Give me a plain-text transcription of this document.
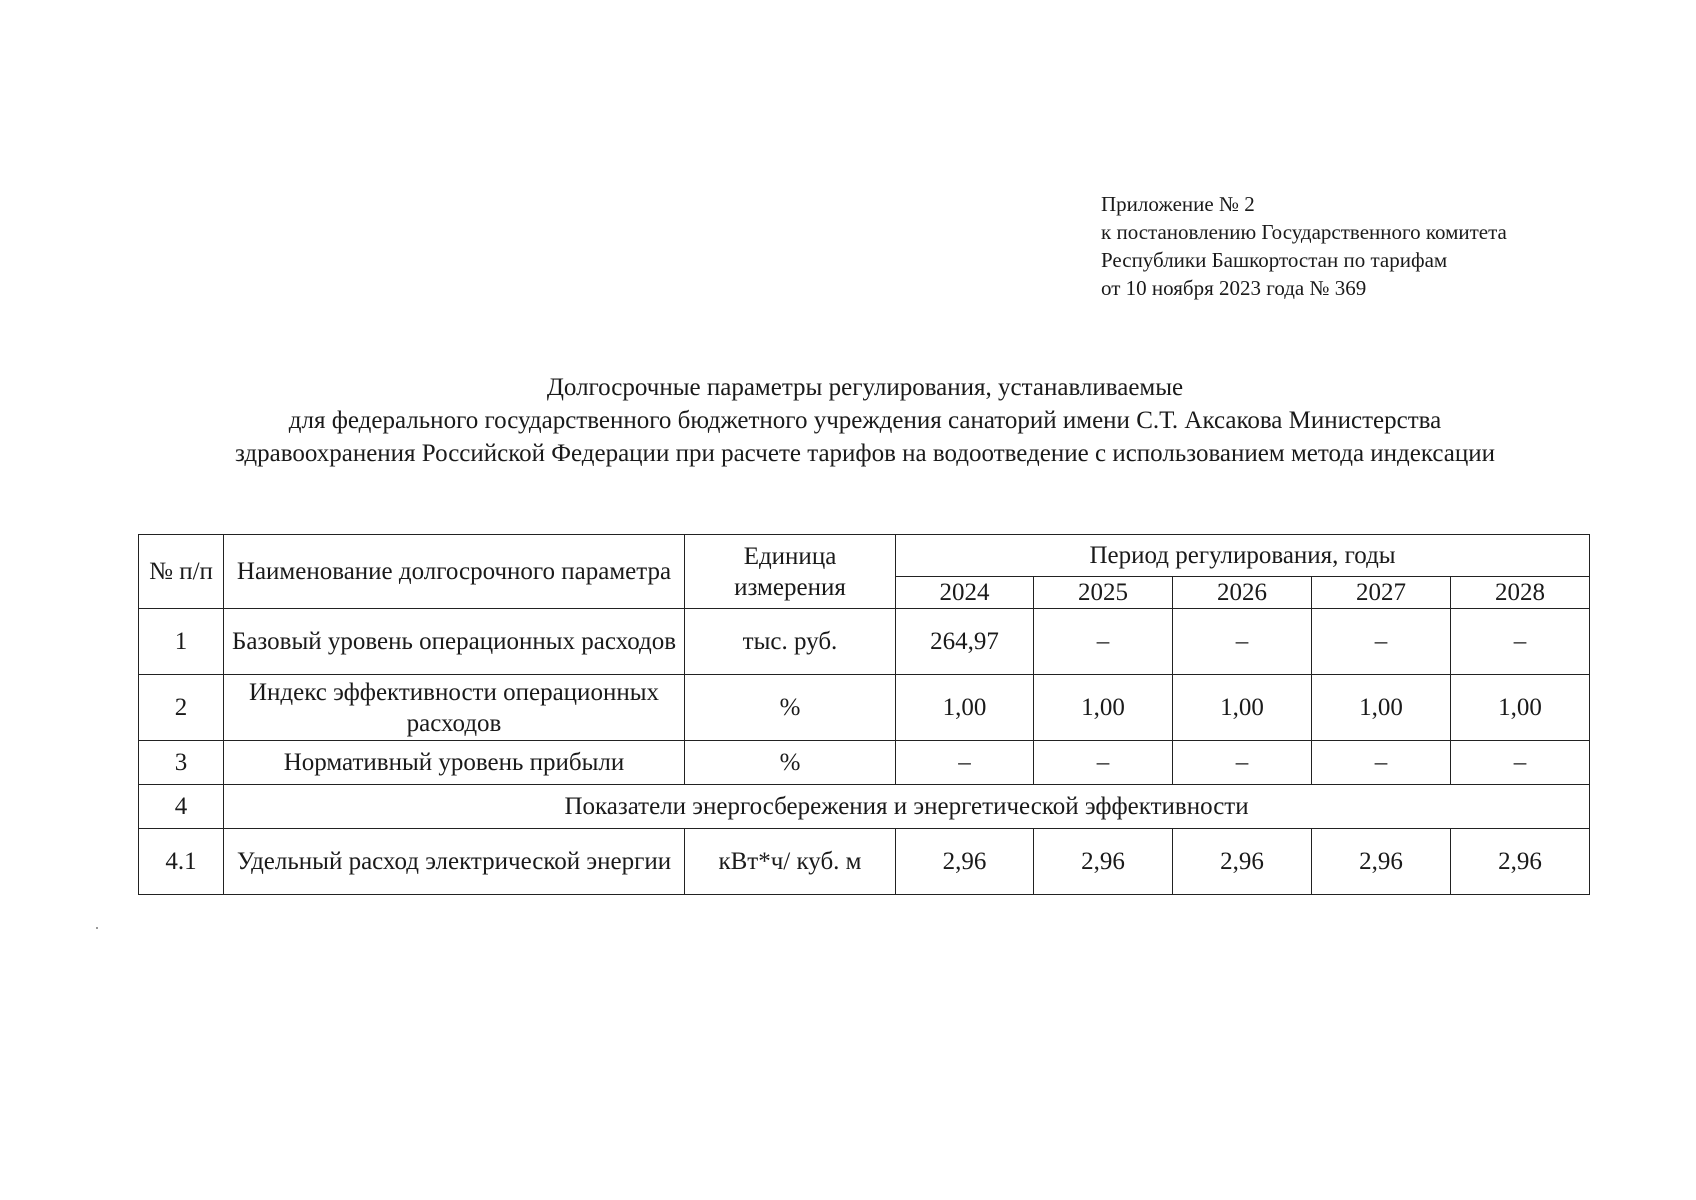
Приложение № 2
к постановлению Государственного комитета
Республики Башкортостан по тарифам
от 10 ноября 2023 года № 369
Долгосрочные параметры регулирования, устанавливаемые
для федерального государственного бюджетного учреждения санаторий имени С.Т. Аксакова Министерства
здравоохранения Российской Федерации при расчете тарифов на водоотведение с использованием метода индексации
№ п/п	Наименование долгосрочного параметра	Единица измерения	Период регулирования, годы				
			2024	2025	2026	2027	2028
1	Базовый уровень операционных расходов	тыс. руб.	264,97	–	–	–	–
2	Индекс эффективности операционных расходов	%	1,00	1,00	1,00	1,00	1,00
3	Нормативный уровень прибыли	%	–	–	–	–	–
4	Показатели энергосбережения и энергетической эффективности						
4.1	Удельный расход электрической энергии	кВт*ч/ куб. м	2,96	2,96	2,96	2,96	2,96
